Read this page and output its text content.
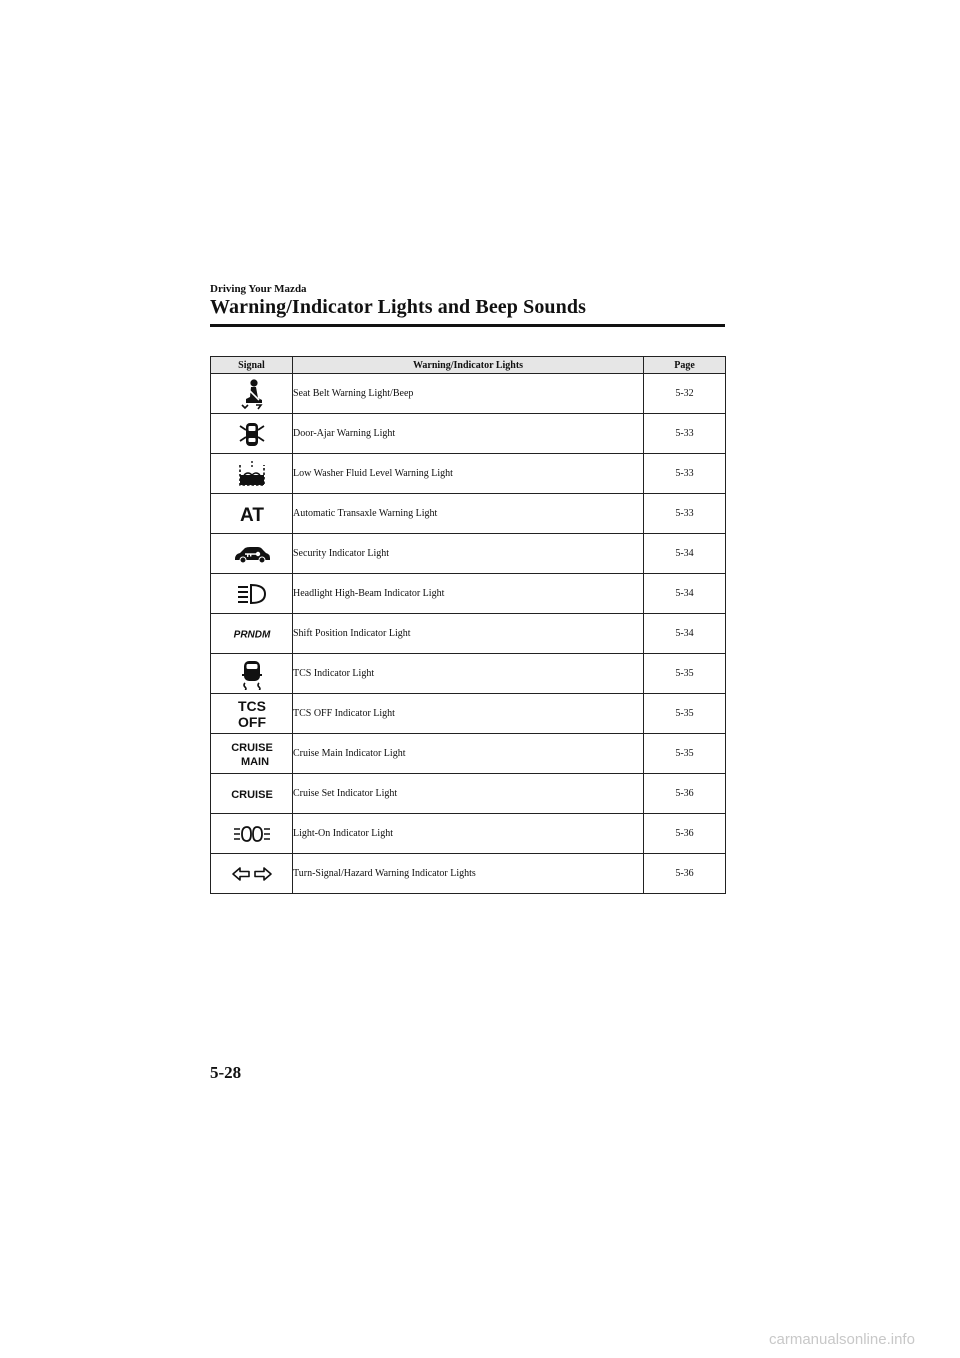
Driving Your Mazda
Warning/Indicator Lights and Beep Sounds
Signal	Warning/Indicator Lights	Page

	Seat Belt Warning Light/Beep	5-32

	Door-Ajar Warning Light	5-33

	Low Washer Fluid Level Warning Light	5-33

AT	Automatic Transaxle Warning Light	5-33

	Security Indicator Light	5-34

	Headlight High-Beam Indicator Light	5-34

PRNDM	Shift Position Indicator Light	5-34

	TCS Indicator Light	5-35

TCS
OFF	TCS OFF Indicator Light	5-35

CRUISE
MAIN	Cruise Main Indicator Light	5-35

CRUISE	Cruise Set Indicator Light	5-36

	Light-On Indicator Light	5-36

	Turn-Signal/Hazard Warning Indicator Lights	5-36
5-28
carmanualsonline.info
